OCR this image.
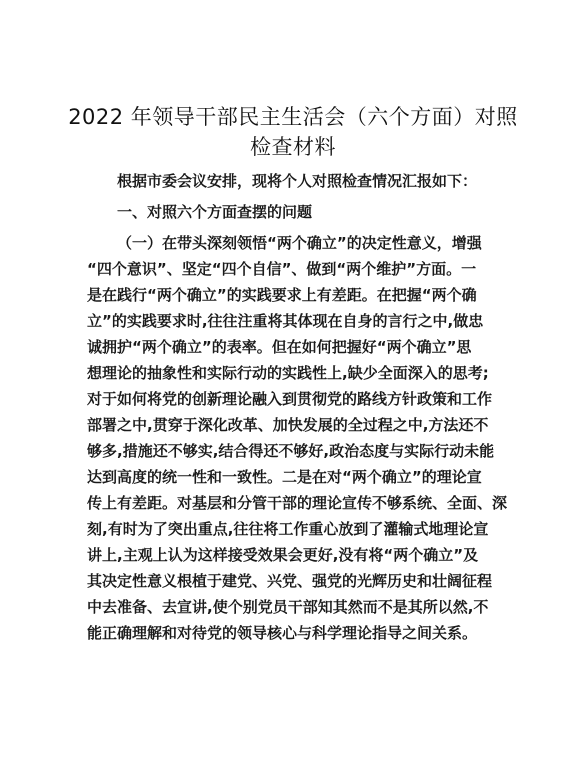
2022 年领导干部民主生活会（六个方面）对照
检查材料
根据市委会议安排，现将个人对照检查情况汇报如下：
一、对照六个方面查摆的问题
（一）在带头深刻领悟“两个确立”的决定性意义，增强
“四个意识”、坚定“四个自信”、做到“两个维护”方面。一
是在践行“两个确立”的实践要求上有差距。在把握“两个确
立”的实践要求时,往往注重将其体现在自身的言行之中,做忠
诚拥护“两个确立”的表率。但在如何把握好“两个确立”思
想理论的抽象性和实际行动的实践性上,缺少全面深入的思考;
对于如何将党的创新理论融入到贯彻党的路线方针政策和工作
部署之中,贯穿于深化改革、加快发展的全过程之中,方法还不
够多,措施还不够实,结合得还不够好,政治态度与实际行动未能
达到高度的统一性和一致性。二是在对“两个确立”的理论宣
传上有差距。对基层和分管干部的理论宣传不够系统、全面、深
刻,有时为了突出重点,往往将工作重心放到了灌输式地理论宣
讲上,主观上认为这样接受效果会更好,没有将“两个确立”及
其决定性意义根植于建党、兴党、强党的光辉历史和壮阔征程
中去准备、去宣讲,使个别党员干部知其然而不是其所以然,不
能正确理解和对待党的领导核心与科学理论指导之间关系。
